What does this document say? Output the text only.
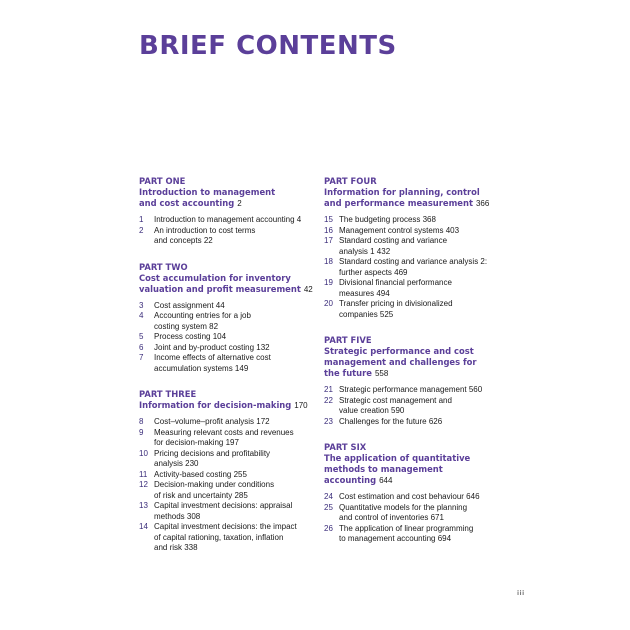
BRIEF CONTENTS
PART ONE
Introduction to management
and cost accounting 2
1	Introduction to management accounting 4
2	An introduction to cost terms
and concepts 22
PART TWO
Cost accumulation for inventory
valuation and profit measurement 42
3	Cost assignment 44
4	Accounting entries for a job
costing system 82
5	Process costing 104
6	Joint and by-product costing 132
7	Income effects of alternative cost
accumulation systems 149
PART THREE
Information for decision-making 170
8	Cost–volume–profit analysis 172
9	Measuring relevant costs and revenues
for decision-making 197
10 Pricing decisions and profitability
analysis 230
11 Activity-based costing 255
12 Decision-making under conditions
of risk and uncertainty 285
13 Capital investment decisions: appraisal
methods 308
14 Capital investment decisions: the impact
of capital rationing, taxation, inflation
and risk 338
PART FOUR
Information for planning, control
and performance measurement 366
15 The budgeting process 368
16 Management control systems 403
17 Standard costing and variance
analysis 1 432
18 Standard costing and variance analysis 2:
further aspects 469
19 Divisional financial performance
measures 494
20 Transfer pricing in divisionalized
companies 525
PART FIVE
Strategic performance and cost
management and challenges for
the future 558
21 Strategic performance management 560
22 Strategic cost management and
value creation 590
23 Challenges for the future 626
PART SIX
The application of quantitative
methods to management
accounting 644
24 Cost estimation and cost behaviour 646
25 Quantitative models for the planning
and control of inventories 671
26 The application of linear programming
to management accounting 694
iii
